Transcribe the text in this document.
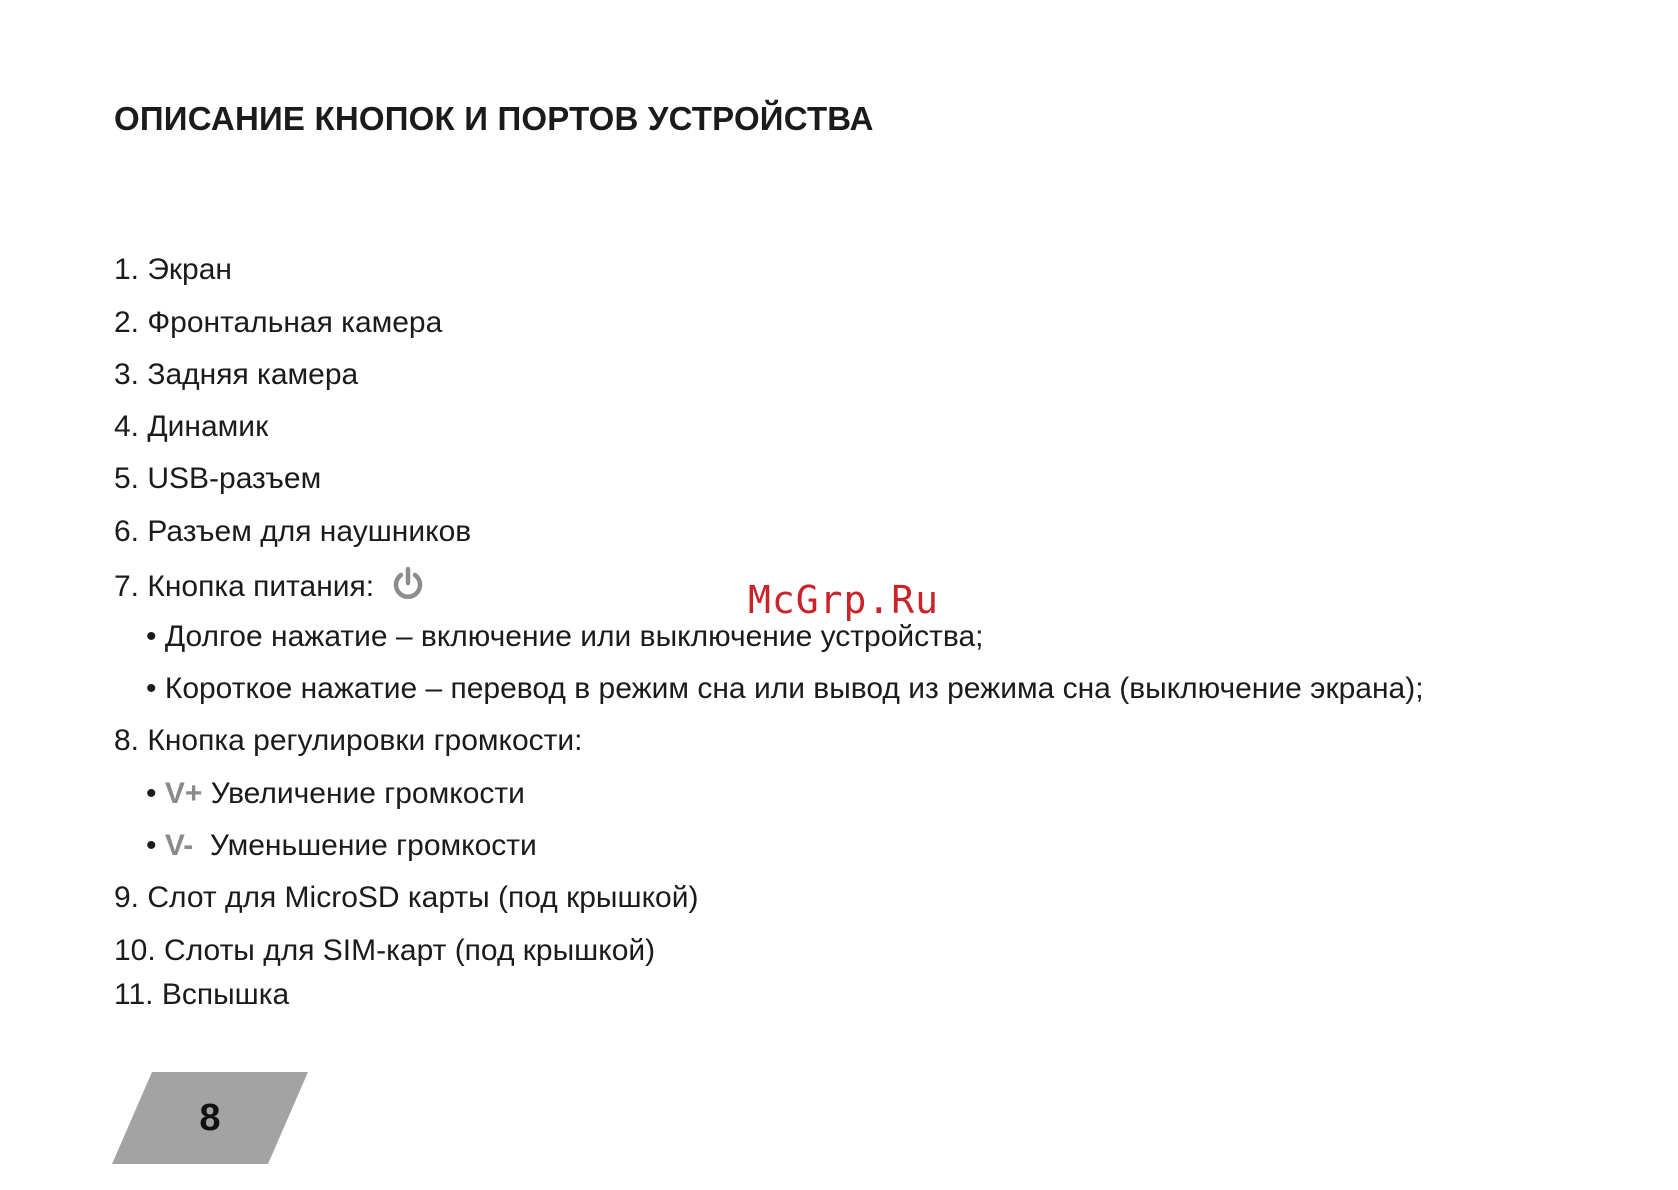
ОПИСАНИЕ КНОПОК И ПОРТОВ УСТРОЙСТВА
1. Экран
2. Фронтальная камера
3. Задняя камера
4. Динамик
5. USB-разъем
6. Разъем для наушников
7. Кнопка питания:
• Долгое нажатие – включение или выключение устройства;
• Короткое нажатие – перевод в режим сна или вывод из режима сна (выключение экрана);
8. Кнопка регулировки громкости:
• V+ Увеличение громкости
• V-  Уменьшение громкости
9. Слот для MicroSD карты (под крышкой)
10. Слоты для SIM-карт (под крышкой)
11. Вспышка
McGrp.Ru
8
